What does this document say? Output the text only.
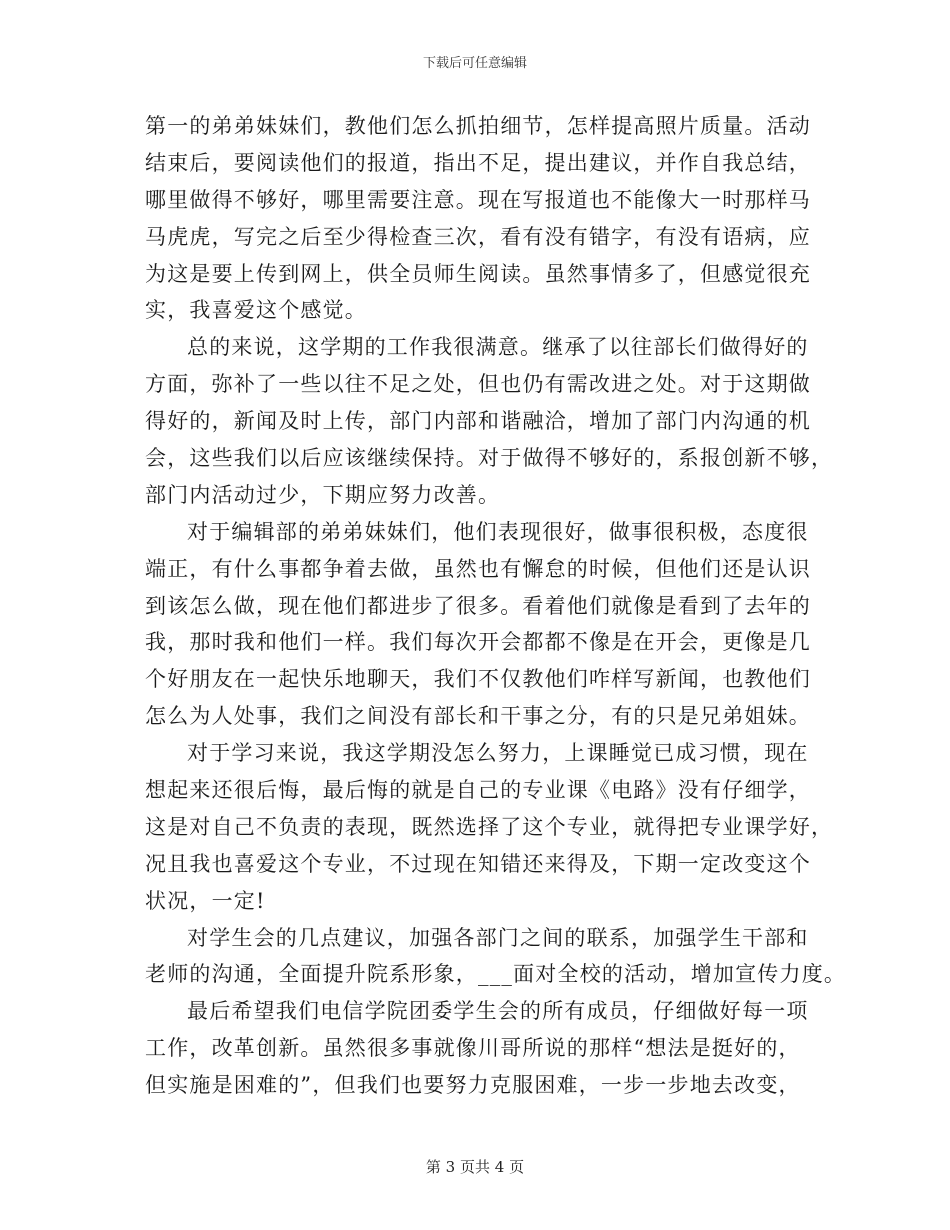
下载后可任意编辑
第一的弟弟妹妹们，教他们怎么抓拍细节，怎样提高照片质量。活动
结束后，要阅读他们的报道，指出不足，提出建议，并作自我总结，
哪里做得不够好，哪里需要注意。现在写报道也不能像大一时那样马
马虎虎，写完之后至少得检查三次，看有没有错字，有没有语病，应
为这是要上传到网上，供全员师生阅读。虽然事情多了，但感觉很充
实，我喜爱这个感觉。
总的来说，这学期的工作我很满意。继承了以往部长们做得好的
方面，弥补了一些以往不足之处，但也仍有需改进之处。对于这期做
得好的，新闻及时上传，部门内部和谐融洽，增加了部门内沟通的机
会，这些我们以后应该继续保持。对于做得不够好的，系报创新不够，
部门内活动过少，下期应努力改善。
对于编辑部的弟弟妹妹们，他们表现很好，做事很积极，态度很
端正，有什么事都争着去做，虽然也有懈怠的时候，但他们还是认识
到该怎么做，现在他们都进步了很多。看着他们就像是看到了去年的
我，那时我和他们一样。我们每次开会都都不像是在开会，更像是几
个好朋友在一起快乐地聊天，我们不仅教他们咋样写新闻，也教他们
怎么为人处事，我们之间没有部长和干事之分，有的只是兄弟姐妹。
对于学习来说，我这学期没怎么努力，上课睡觉已成习惯，现在
想起来还很后悔，最后悔的就是自己的专业课《电路》没有仔细学，
这是对自己不负责的表现，既然选择了这个专业，就得把专业课学好，
况且我也喜爱这个专业，不过现在知错还来得及，下期一定改变这个
状况，一定!
对学生会的几点建议，加强各部门之间的联系，加强学生干部和
老师的沟通，全面提升院系形象，___面对全校的活动，增加宣传力度。
最后希望我们电信学院团委学生会的所有成员，仔细做好每一项
工作，改革创新。虽然很多事就像川哥所说的那样“想法是挺好的，
但实施是困难的”，但我们也要努力克服困难，一步一步地去改变，
第 3 页共 4 页
